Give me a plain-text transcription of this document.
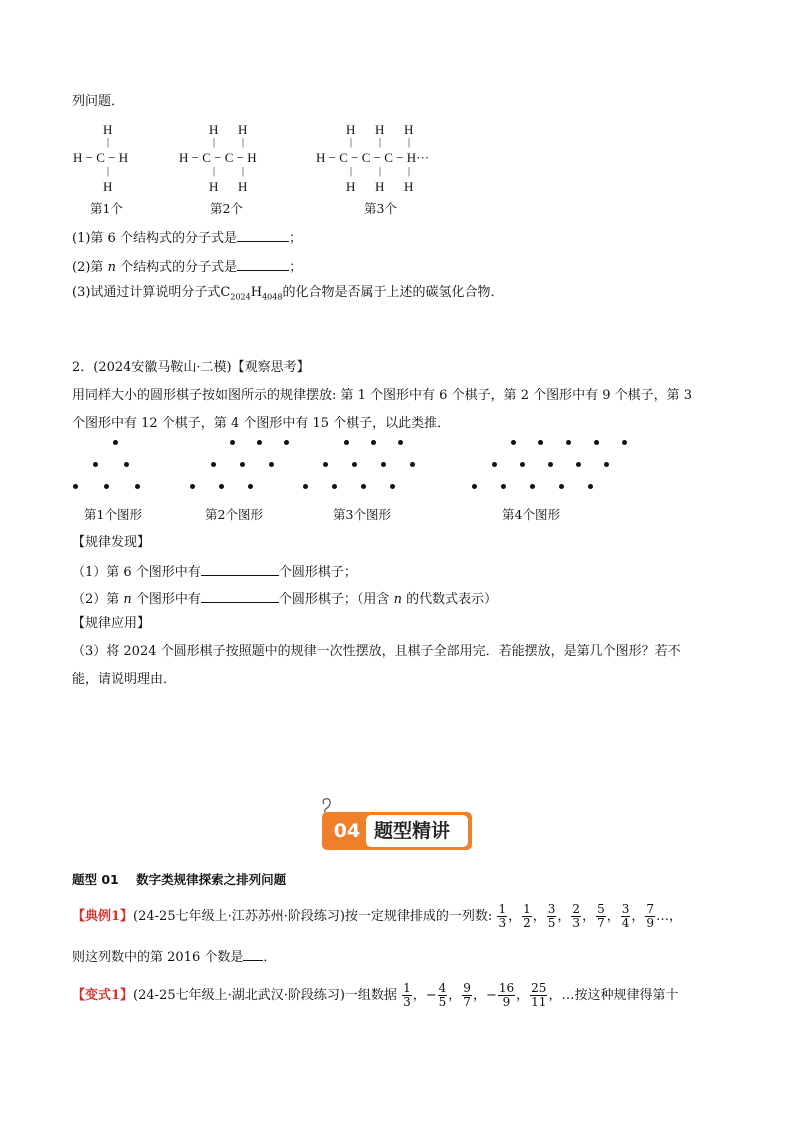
列问题．
H
|
H − C − H
|
H
第1个
H H
|	|
H − C − C − H
|	|
H H
第2个
H H H
|	|	|
H − C − C − C − H···
|	|	|
H H H
第3个
(1)第 6 个结构式的分子式是	；
(2)第 n 个结构式的分子式是	；
(3)试通过计算说明分子式$C_{2024}H_{4048}$的化合物是否属于上述的碳氢化合物．
2．(2024安徽马鞍山·二模)【观察思考】
用同样大小的圆形棋子按如图所示的规律摆放: 第 1 个图形中有 6 个棋子，第 2 个图形中有 9 个棋子，第 3
个图形中有 12 个棋子，第 4 个图形中有 15 个棋子，以此类推．
第1个图形	第2个图形	第3个图形	第4个图形
【规律发现】
（1）第 6 个图形中有	个圆形棋子；
（2）第 n 个图形中有	个圆形棋子；（用含 n 的代数式表示）
【规律应用】
（3）将 2024 个圆形棋子按照题中的规律一次性摆放，且棋子全部用完．若能摆放，是第几个图形？若不
能，请说明理由．
04 题型精讲
题型 01 数字类规律探索之排列问题
【典例1】(24-25七年级上·江苏苏州·阶段练习)按一定规律排成的一列数: $\frac{1}{3}$ ， $\frac{1}{2}$ ， $\frac{3}{5}$ ， $\frac{2}{3}$ ， $\frac{5}{7}$ ， $\frac{3}{4}$ ， $\frac{7}{9}$ …，
则这列数中的第 2016 个数是 ．
【变式1】(24-25七年级上·湖北武汉·阶段练习)一组数据 $\frac{1}{3}$ ，− $\frac{4}{5}$ ， $\frac{9}{7}$ ，− $\frac{16}{9}$ ， $\frac{25}{11}$ ，…按这种规律得第十
